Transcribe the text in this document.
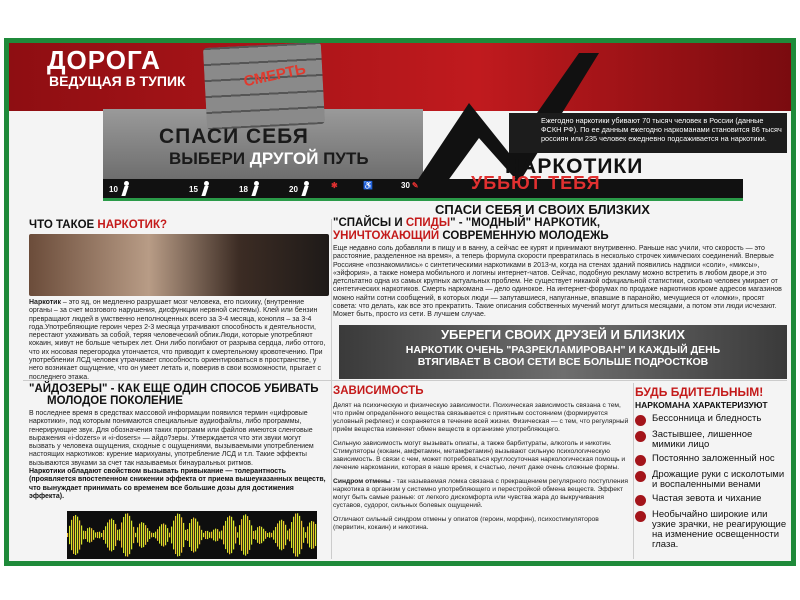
ДОРОГА
ВЕДУЩАЯ В ТУПИК	СМЕРТЬ
СПАСИ СЕБЯ
ВЫБЕРИ ДРУГОЙ ПУТЬ
Ежегодно наркотики убивают 70 тысяч человек в России (данные ФСКН РФ). По ее данным ежегодно наркоманами становится 86 тысяч россиян или 235 человек ежедневно подсаживается на наркотики.
НАРКОТИКИ
10	15	18	20	✱	♿	30 ✎	УБЬЮТ ТЕБЯ
СПАСИ СЕБЯ И СВОИХ БЛИЗКИХ
ЧТО ТАКОЕ НАРКОТИК?
Наркотик – это яд, он медленно разрушает мозг человека, его психику, (внутренние органы – за счет мозгового нарушения, дисфункции нервной системы). Клей или бензин превращают людей в умственно неполноценных всего за 3-4 месяца, конопля – за 3-4 года.Употребляющие героин через 2-3 месяца утрачивают способность к деятельности, перестают ухаживать за собой, теряя человеческий облик.Люди, которые употребляют кокаин, живут не больше четырех лет. Они либо погибают от разрыва сердца, либо оттого, что их носовая перегородка утончается, что приводит к смертельному кровотечению. При употреблении ЛСД человек утрачивает способность ориентироваться в пространстве, у него возникает ощущение, что он умеет летать и, поверив в свои возможности, прыгает с последнего этажа.
"СПАЙСЫ И СПИДЫ" - "МОДНЫЙ" НАРКОТИК,
УНИЧТОЖАЮЩИЙ СОВРЕМЕННУЮ МОЛОДЕЖЬ
Еще недавно соль добавляли в пищу и в ванну, а сейчас ее курят и принимают внутривенно. Раньше нас учили, что скорость — это расстояние, разделенное на время», а теперь формула скорости превратилась в несколько строчек химических соединений. Впервые Россияне «познакомились» с синтетическими наркотиками в 2013-м, когда на стенах зданий появились надписи «соли», «миксы», «эйфория», а также номера мобильного и логины интернет-чатов. Сейчас, подобную рекламу можно встретить в любом дворе,и это детсльтатно одна из самых крупных актуальных проблем. Не существует никакой официальной статистики, сколько человек умирает от синтетических наркотиков. Смерть наркомана — дело одинокое. На интернет-форумах по продаже наркотиков кроме адресов магазинов можно найти сотни сообщений, в которых люди — запутавшиеся, напуганные, впавшие в паранойю, мечущиеся от «ломки», просят совета: что делать, как все это прекратить. Такие описания собственных мучений могут длиться месяцами, а потом эти люди исчезают. Может быть, просто из сети. В лучшем случае.
УБЕРЕГИ СВОИХ ДРУЗЕЙ И БЛИЗКИХ
НАРКОТИК ОЧЕНЬ "РАЗРЕКЛАМИРОВАН" И КАЖДЫЙ ДЕНЬ
ВТЯГИВАЕТ В СВОИ СЕТИ ВСЕ БОЛЬШЕ ПОДРОСТКОВ
"АЙДОЗЕРЫ" - КАК ЕЩЕ ОДИН СПОСОБ УБИВАТЬ
МОЛОДОЕ ПОКОЛЕНИЕ
В последнее время в средствах массовой информации появился термин «цифровые наркотики», под которым понимаются специальные аудиофайлы, либо программы, генерирующие звук. Для обозначения таких программ или файлов имеются сленговые выражения «i-dozers» и «i-dosers» — айдо?зеры. Утверждается что эти звуки могут вызвать у человека ощущения, сходные с ощущениями, вызываемыми употреблением настоящих наркотиков: курение марихуаны, употребление ЛСД и т.п. Такие эффекты вызываются звуками за счет так называемых бинауральных ритмов.
Наркотики обладают свойством вызывать привыкание — толерантность (проявляется впостепенном снижении эффекта от приема вышеуказанных веществ, что вынуждает принимать со временем все большие дозы для достижения эффекта).
ЗАВИСИМОСТЬ
Делят на психическую и физическую зависимости. Психическая зависимость связана с тем, что приём определённого вещества связывается с приятным состоянием (формируется условный рефлекс) и сохраняется в течение всей жизни. Физическая — с тем, что регулярный приём вещества изменяет обмен веществ в организме употребляющего.
Сильную зависимость могут вызывать опиаты, а также барбитураты, алкоголь и никотин. Стимуляторы (кокаин, амфетамин, метамфетамин) вызывают сильную психологическую зависимость. В связи с чем, может потребоваться круглосуточная наркологическая помощь и лечение наркомании, которая в наше время, к счастью, лечит даже очень сложные формы.
Синдром отмены - так называемая ломка связана с прекращением регулярного поступления наркотика в организм у системно употребляющего и перестройкой обмена веществ. Эффект могут быть самые разные: от легкого дискомфорта или чувства жара до выкручивания суставов, судорог, сильных болевых ощущений.
Отличают сильный синдром отмены у опиатов (героин, морфин), психостимуляторов (первитин, кокаин) и никотина.
БУДЬ БДИТЕЛЬНЫМ!
НАРКОМАНА ХАРАКТЕРИЗУЮТ
Бессонница и бледность
Застывшее, лишенное мимики лицо
Постоянно заложенный нос
Дрожащие руки с исколотыми и воспаленными венами
Частая зевота и чихание
Необычайно широкие или узкие зрачки, не реагирующие на изменение освещенности глаза.
